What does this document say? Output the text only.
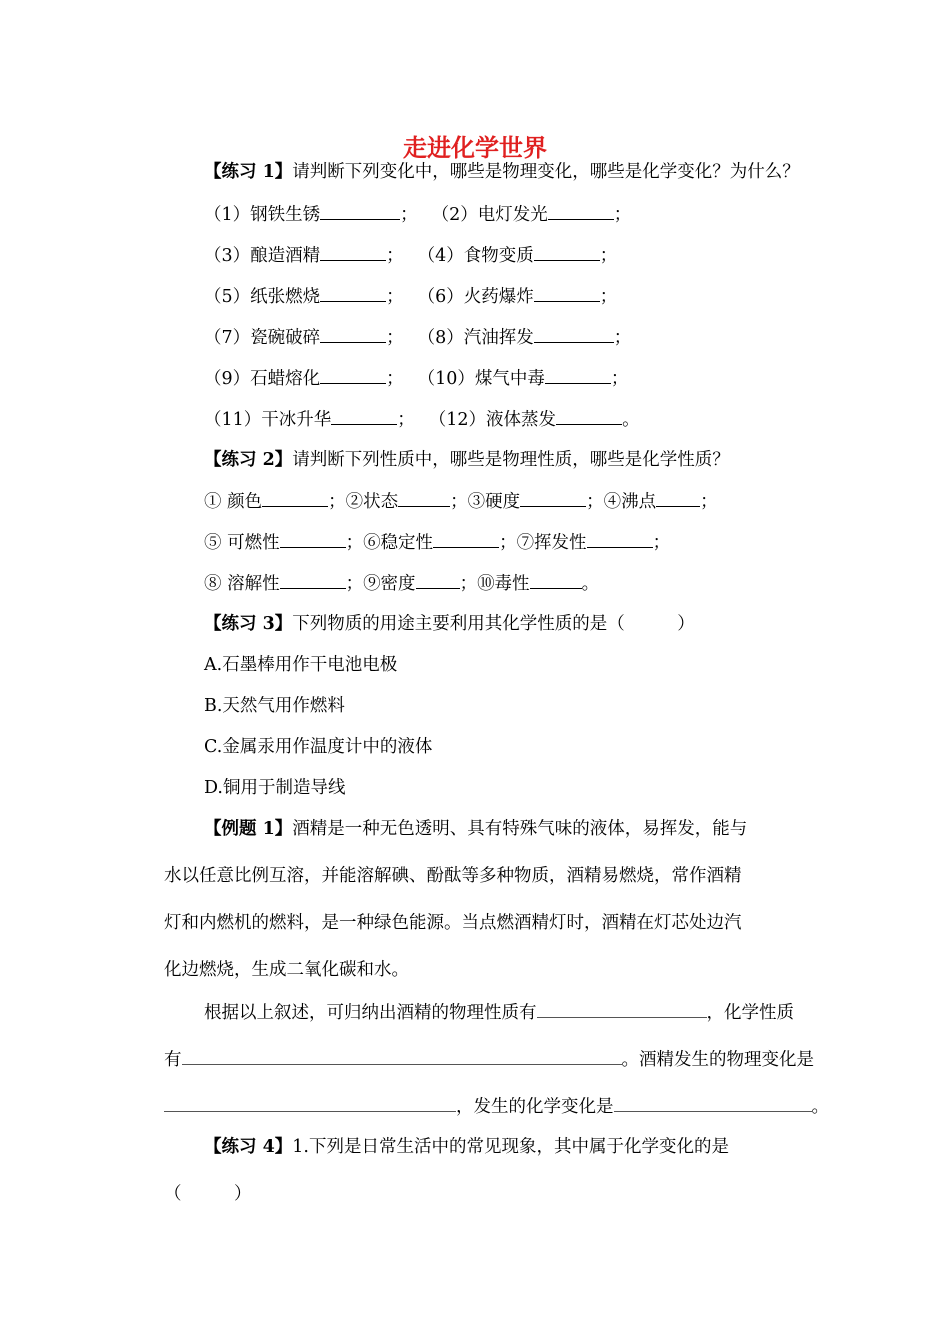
走进化学世界
【练习 1】请判断下列变化中，哪些是物理变化，哪些是化学变化？为什么？
（1）钢铁生锈	； （2）电灯发光	；
（3）酿造酒精	； （4）食物变质	；
（5）纸张燃烧	； （6）火药爆炸	；
（7）瓷碗破碎	； （8）汽油挥发	；
（9）石蜡熔化	； （10）煤气中毒	；
（11）干冰升华	； （12）液体蒸发	。
【练习 2】请判断下列性质中，哪些是物理性质，哪些是化学性质？
① 颜色	；②状态	；③硬度	；④沸点	；
⑤ 可燃性	；⑥稳定性	；⑦挥发性	；
⑧ 溶解性	；⑨密度	；⑩毒性	。
【练习 3】下列物质的用途主要利用其化学性质的是（　　　）
A.石墨棒用作干电池电极
B.天然气用作燃料
C.金属汞用作温度计中的液体
D.铜用于制造导线
【例题 1】酒精是一种无色透明、具有特殊气味的液体，易挥发，能与
水以任意比例互溶，并能溶解碘、酚酞等多种物质，酒精易燃烧，常作酒精
灯和内燃机的燃料，是一种绿色能源。当点燃酒精灯时，酒精在灯芯处边汽
化边燃烧，生成二氧化碳和水。
根据以上叙述，可归纳出酒精的物理性质有	，化学性质
有	。酒精发生的物理变化是
，发生的化学变化是	。
【练习 4】1.下列是日常生活中的常见现象，其中属于化学变化的是
（　　　）
